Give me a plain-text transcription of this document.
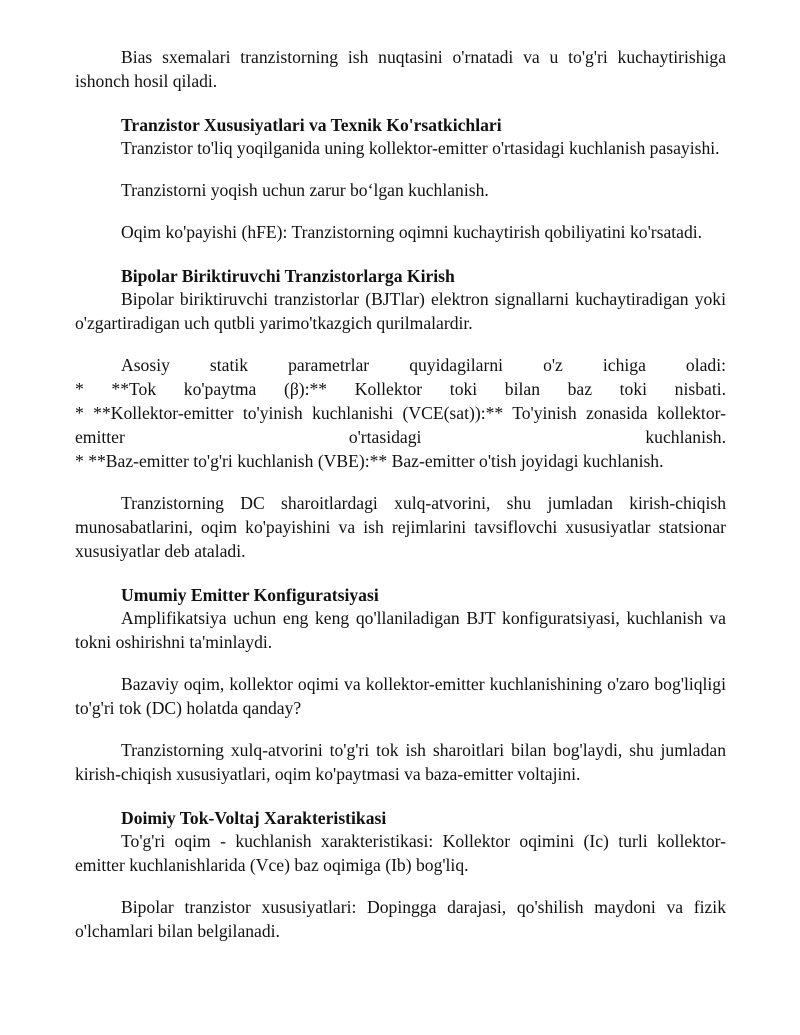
Bias sxemalari tranzistorning ish nuqtasini o'rnatadi va u to'g'ri kuchaytirishiga ishonch hosil qiladi.

Tranzistor Xususiyatlari va Texnik Ko'rsatkichlari

Tranzistor to'liq yoqilganida uning kollektor-emitter o'rtasidagi kuchlanish pasayishi.

Tranzistorni yoqish uchun zarur bo‘lgan kuchlanish.

Oqim ko'payishi (hFE): Tranzistorning oqimni kuchaytirish qobiliyatini ko'rsatadi.

Bipolar Biriktiruvchi Tranzistorlarga Kirish

Bipolar biriktiruvchi tranzistorlar (BJTlar) elektron signallarni kuchaytiradigan yoki o'zgartiradigan uch qutbli yarimo'tkazgich qurilmalardir.

Asosiy statik parametrlar quyidagilarni o'z ichiga oladi:

* **Tok ko'paytma (β):** Kollektor toki bilan baz toki nisbati.

* **Kollektor-emitter to'yinish kuchlanishi (VCE(sat)):** To'yinish zonasida kollektor-emitter o'rtasidagi kuchlanish.

* **Baz-emitter to'g'ri kuchlanish (VBE):** Baz-emitter o'tish joyidagi kuchlanish.

Tranzistorning DC sharoitlardagi xulq-atvorini, shu jumladan kirish-chiqish munosabatlarini, oqim ko'payishini va ish rejimlarini tavsiflovchi xususiyatlar statsionar xususiyatlar deb ataladi.

Umumiy Emitter Konfiguratsiyasi

Amplifikatsiya uchun eng keng qo'llaniladigan BJT konfiguratsiyasi, kuchlanish va tokni oshirishni ta'minlaydi.

Bazaviy oqim, kollektor oqimi va kollektor-emitter kuchlanishining o'zaro bog'liqligi to'g'ri tok (DC) holatda qanday?

Tranzistorning xulq-atvorini to'g'ri tok ish sharoitlari bilan bog'laydi, shu jumladan kirish-chiqish xususiyatlari, oqim ko'paytmasi va baza-emitter voltajini.

Doimiy Tok-Voltaj Xarakteristikasi

To'g'ri oqim - kuchlanish xarakteristikasi: Kollektor oqimini (Ic) turli kollektor-emitter kuchlanishlarida (Vce) baz oqimiga (Ib) bog'liq.

Bipolar tranzistor xususiyatlari: Dopingga darajasi, qo'shilish maydoni va fizik o'lchamlari bilan belgilanadi.
